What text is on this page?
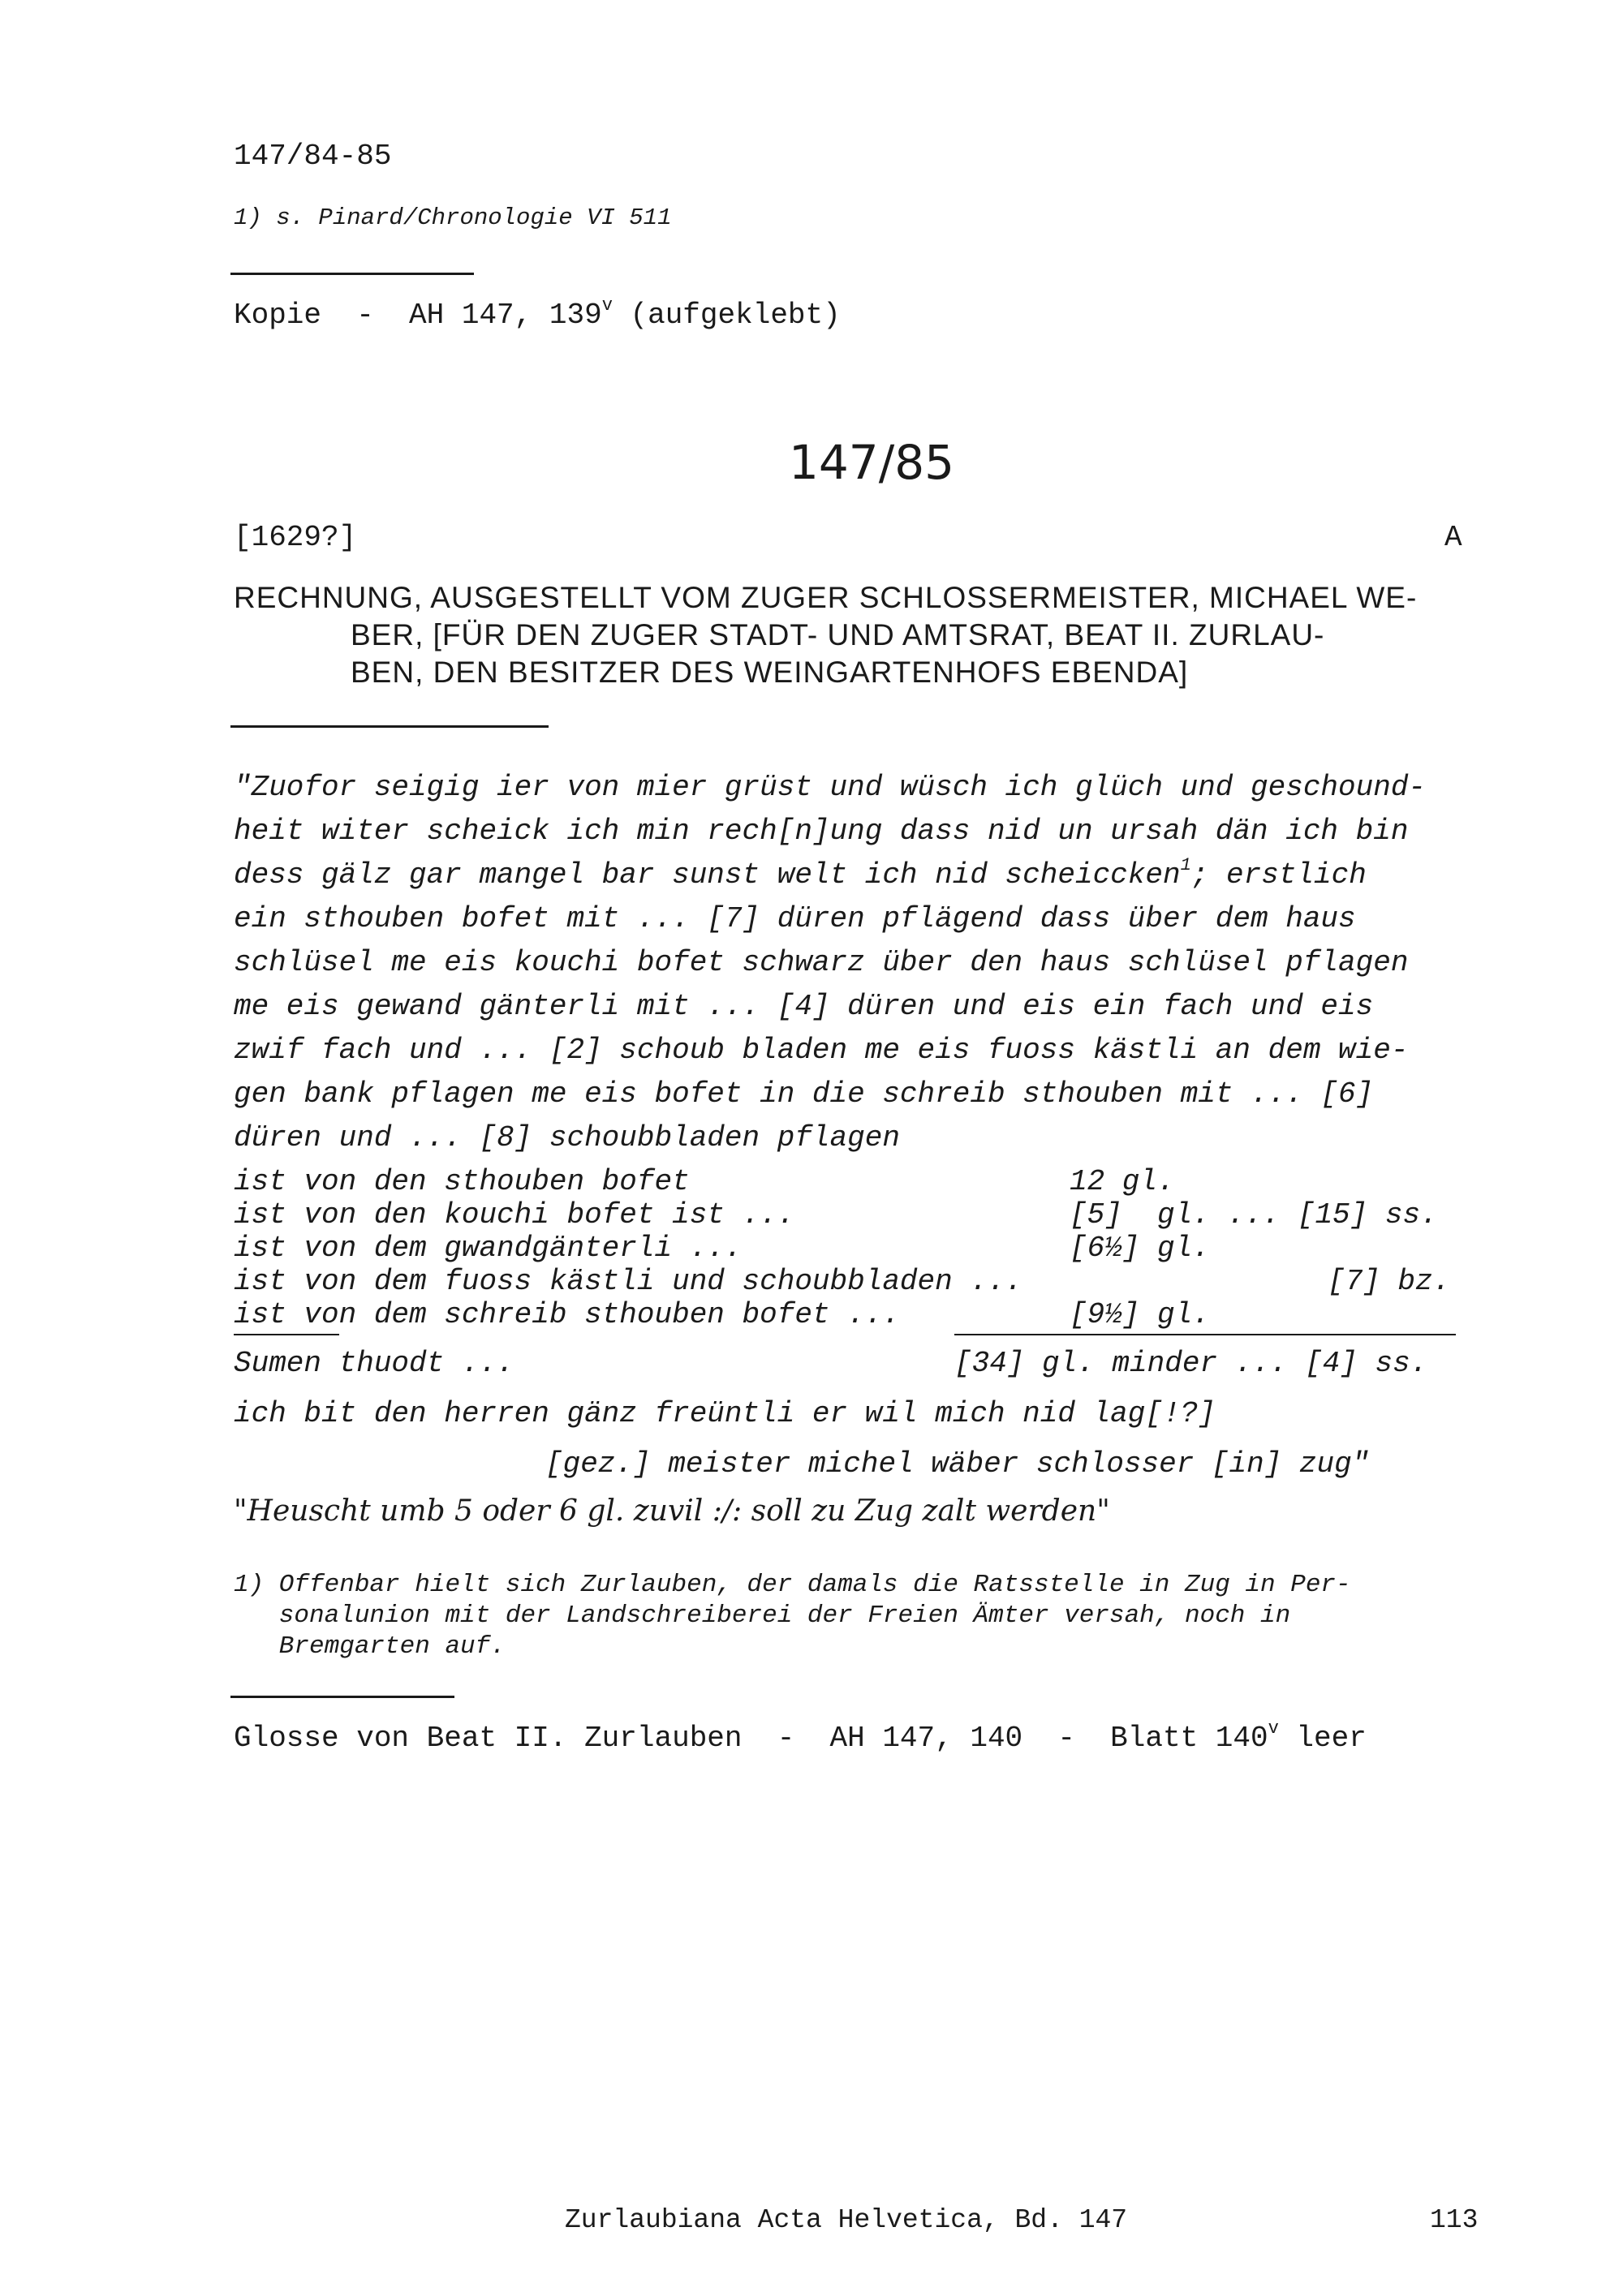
147/84-85
1) s. Pinard/Chronologie VI 511
Kopie  -  AH 147, 139$^v$ (aufgeklebt)
147/85
[1629?]	A
RECHNUNG, AUSGESTELLT VOM ZUGER SCHLOSSERMEISTER, MICHAEL WE-
BER, [FÜR DEN ZUGER STADT- UND AMTSRAT, BEAT II. ZURLAU-
BEN, DEN BESITZER DES WEINGARTENHOFS EBENDA]
"Zuofor seigig ier von mier grüst und wüsch ich glüch und geschound-
heit witer scheick ich min rech[n]ung dass nid un ursah dän ich bin
dess gälz gar mangel bar sunst welt ich nid scheiccken$^1$; erstlich
ein sthouben bofet mit ... [7] düren pflägend dass über dem haus
schlüsel me eis kouchi bofet schwarz über den haus schlüsel pflagen
me eis gewand gänterli mit ... [4] düren und eis ein fach und eis
zwif fach und ... [2] schoub bladen me eis fuoss kästli an dem wie-
gen bank pflagen me eis bofet in die schreib sthouben mit ... [6]
düren und ... [8] schoubbladen pflagen
ist von den sthouben bofet	12 gl.
ist von den kouchi bofet ist ...	[5]  gl. ... [15] ss.
ist von dem gwandgänterli ...	[6½] gl.
ist von dem fuoss kästli und schoubbladen ...	[7] bz.
ist von dem schreib sthouben bofet ...	[9½] gl.
Sumen thuodt ...	[34] gl. minder ... [4] ss.
ich bit den herren gänz freüntli er wil mich nid lag[!?]
[gez.] meister michel wäber schlosser [in] zug"
"Heuscht umb 5 oder 6 gl. zuvil :/: soll zu Zug zalt werden"
1) Offenbar hielt sich Zurlauben, der damals die Ratsstelle in Zug in Per-
sonalunion mit der Landschreiberei der Freien Ämter versah, noch in
Bremgarten auf.
Glosse von Beat II. Zurlauben  -  AH 147, 140  -  Blatt 140$^v$ leer
Zurlaubiana Acta Helvetica, Bd. 147	113
